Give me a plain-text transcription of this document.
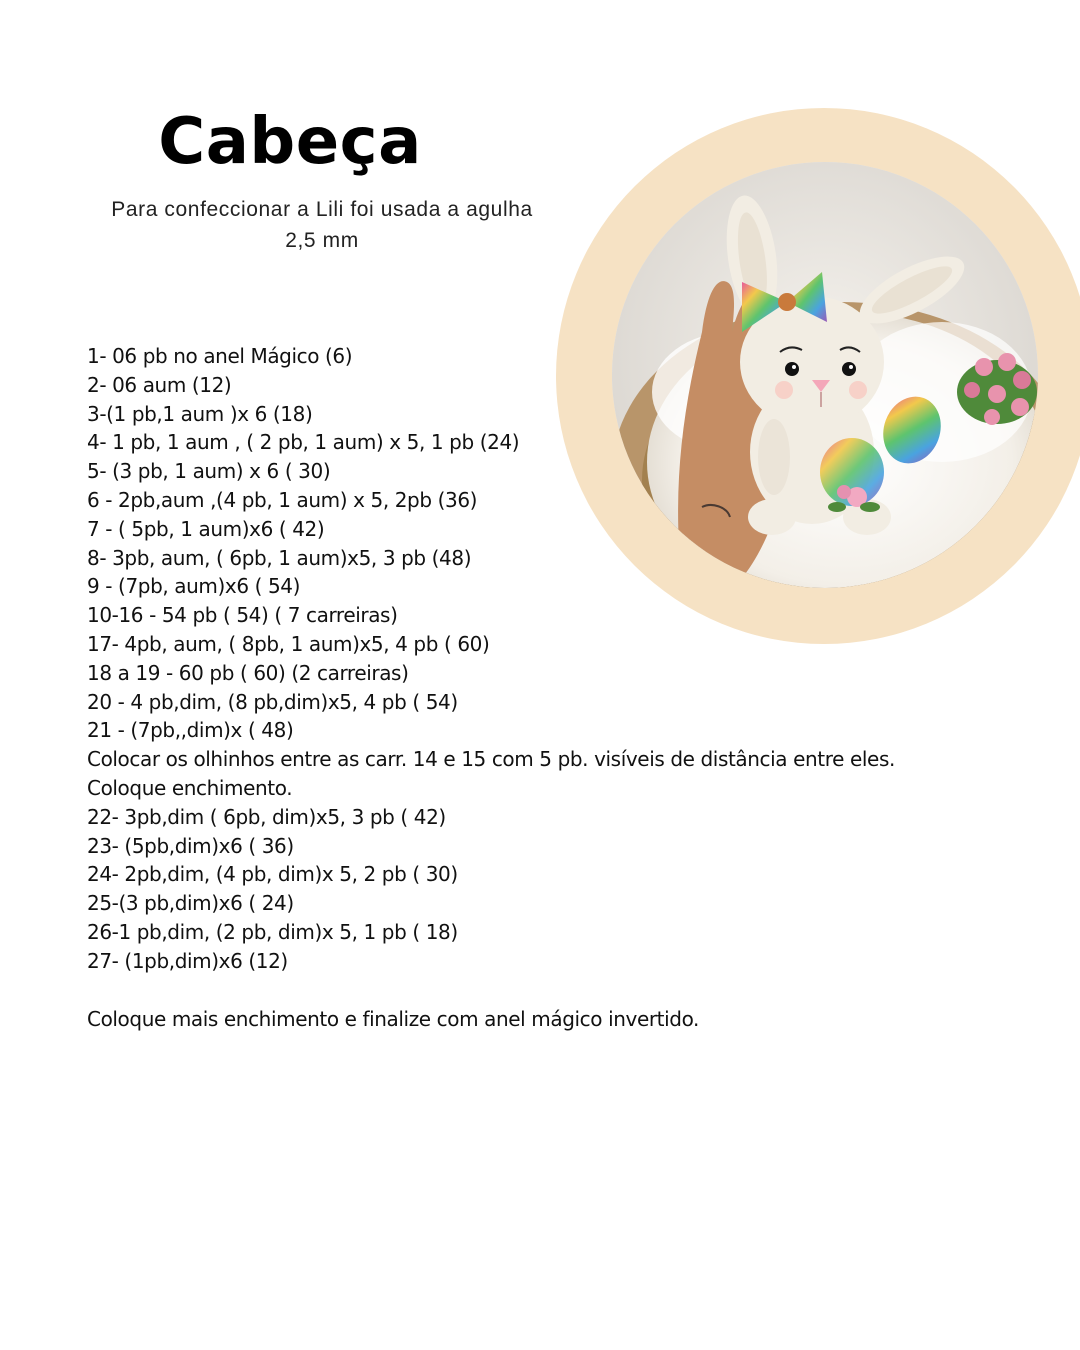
Cabeça
Para confeccionar a Lili foi usada a agulha 2,5 mm
1- 06 pb no anel Mágico (6)
2- 06 aum (12)
3-(1 pb,1 aum )x 6 (18)
4- 1 pb, 1 aum , ( 2 pb, 1 aum) x 5, 1 pb (24)
5- (3 pb, 1 aum) x 6 ( 30)
6 - 2pb,aum ,(4 pb, 1 aum) x 5, 2pb (36)
7 - ( 5pb, 1 aum)x6 ( 42)
8- 3pb, aum, ( 6pb, 1 aum)x5, 3 pb (48)
9 - (7pb, aum)x6 ( 54)
10-16 - 54 pb ( 54) ( 7 carreiras)
17- 4pb, aum, ( 8pb, 1 aum)x5, 4 pb ( 60)
18 a 19 - 60 pb ( 60) (2 carreiras)
20 - 4 pb,dim, (8 pb,dim)x5, 4 pb ( 54)
21 - (7pb,,dim)x ( 48)
Colocar os olhinhos entre as carr. 14 e 15 com 5 pb. visíveis de distância entre eles.
Coloque enchimento.
22- 3pb,dim ( 6pb, dim)x5, 3 pb ( 42)
23- (5pb,dim)x6 ( 36)
24- 2pb,dim, (4 pb, dim)x 5, 2 pb ( 30)
25-(3 pb,dim)x6 ( 24)
26-1 pb,dim, (2 pb, dim)x 5, 1 pb ( 18)
27- (1pb,dim)x6 (12)
Coloque mais enchimento e finalize com anel mágico invertido.
